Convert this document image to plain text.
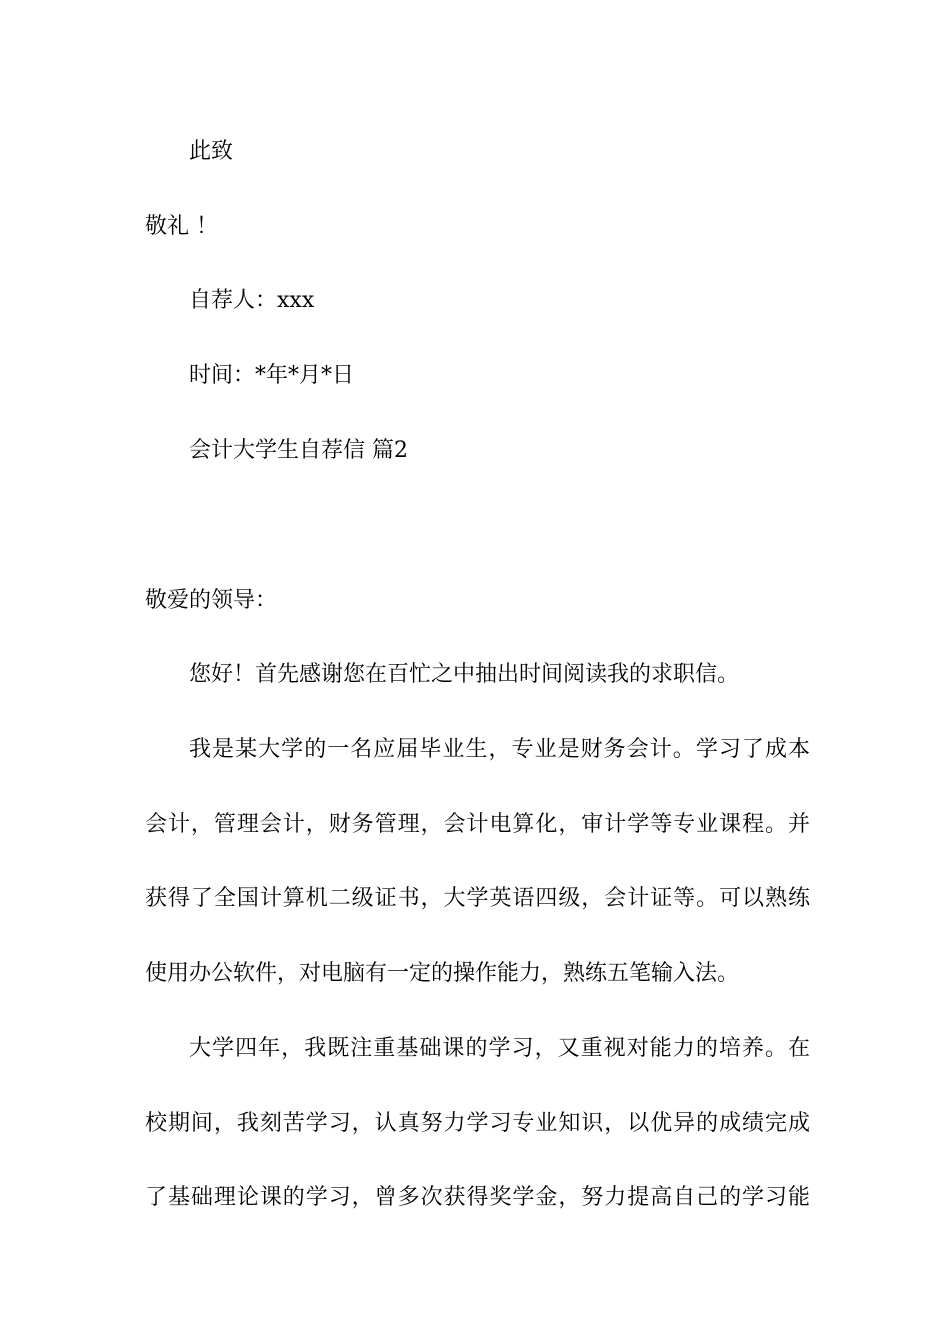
此致
敬礼 ！
自荐人：xxx
时间：*年*月*日
会计大学生自荐信 篇2
敬爱的领导：
您好！首先感谢您在百忙之中抽出时间阅读我的求职信。
我是某大学的一名应届毕业生，专业是财务会计。学习了成本
会计，管理会计，财务管理，会计电算化，审计学等专业课程。并
获得了全国计算机二级证书，大学英语四级，会计证等。可以熟练
使用办公软件，对电脑有一定的操作能力，熟练五笔输入法。
大学四年，我既注重基础课的学习，又重视对能力的培养。在
校期间，我刻苦学习，认真努力学习专业知识，以优异的成绩完成
了基础理论课的学习，曾多次获得奖学金，努力提高自己的学习能
